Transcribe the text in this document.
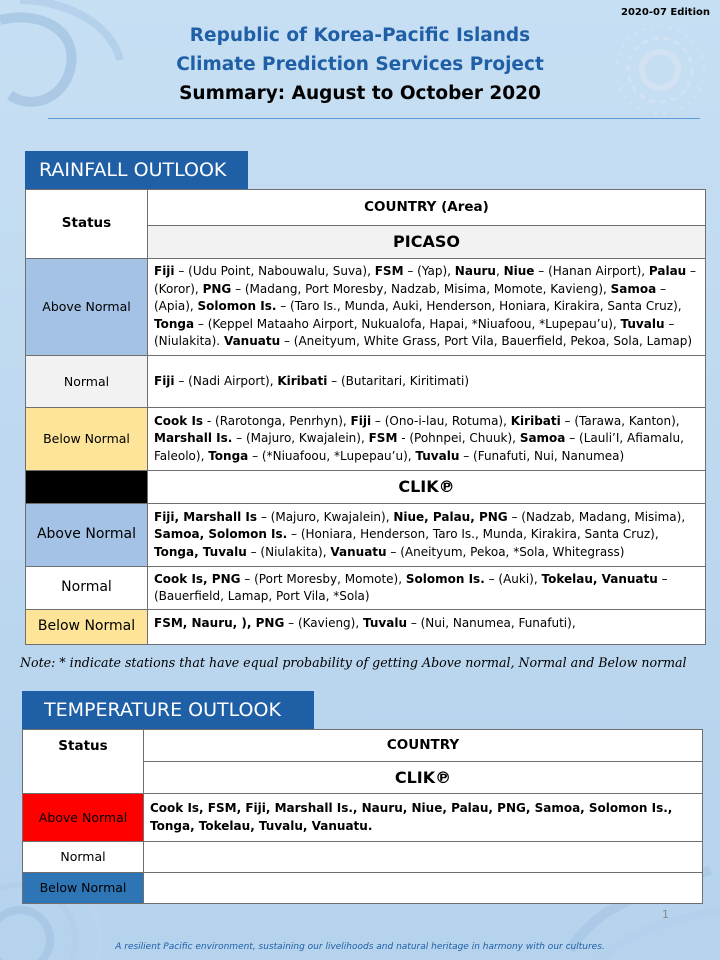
2020-07 Edition
Republic of Korea-Pacific Islands
Climate Prediction Services Project
Summary: August to October 2020
RAINFALL OUTLOOK
Status	COUNTRY (Area)
	PICASO
Above Normal	Fiji – (Udu Point, Nabouwalu, Suva), FSM – (Yap), Nauru, Niue – (Hanan Airport), Palau – (Koror), PNG – (Madang, Port Moresby, Nadzab, Misima, Momote, Kavieng), Samoa – (Apia), Solomon Is. – (Taro Is., Munda, Auki, Henderson, Honiara, Kirakira, Santa Cruz), Tonga – (Keppel Mataaho Airport, Nukualofa, Hapai, *Niuafoou, *Lupepau’u), Tuvalu – (Niulakita). Vanuatu – (Aneityum, White Grass, Port Vila, Bauerfield, Pekoa, Sola, Lamap)
Normal	Fiji – (Nadi Airport), Kiribati – (Butaritari, Kiritimati)
Below Normal	Cook Is - (Rarotonga, Penrhyn), Fiji – (Ono-i-lau, Rotuma), Kiribati – (Tarawa, Kanton), Marshall Is. – (Majuro, Kwajalein), FSM - (Pohnpei, Chuuk), Samoa – (Lauli’I, Afiamalu, Faleolo), Tonga – (*Niuafoou, *Lupepau’u), Tuvalu – (Funafuti, Nui, Nanumea)
	CLIK℗
Above Normal	Fiji, Marshall Is – (Majuro, Kwajalein), Niue, Palau, PNG – (Nadzab, Madang, Misima), Samoa, Solomon Is. – (Honiara, Henderson, Taro Is., Munda, Kirakira, Santa Cruz), Tonga, Tuvalu – (Niulakita), Vanuatu – (Aneityum, Pekoa, *Sola, Whitegrass)
Normal	Cook Is, PNG – (Port Moresby, Momote), Solomon Is. – (Auki), Tokelau, Vanuatu – (Bauerfield, Lamap, Port Vila, *Sola)
Below Normal	FSM, Nauru, ), PNG – (Kavieng), Tuvalu – (Nui, Nanumea, Funafuti),
Note: * indicate stations that have equal probability of getting Above normal, Normal and Below normal
TEMPERATURE OUTLOOK
Status	COUNTRY
	CLIK℗
Above Normal	Cook Is, FSM, Fiji, Marshall Is., Nauru, Niue, Palau, PNG, Samoa, Solomon Is., Tonga, Tokelau, Tuvalu, Vanuatu.
Normal	
Below Normal	
1
A resilient Pacific environment, sustaining our livelihoods and natural heritage in harmony with our cultures.
